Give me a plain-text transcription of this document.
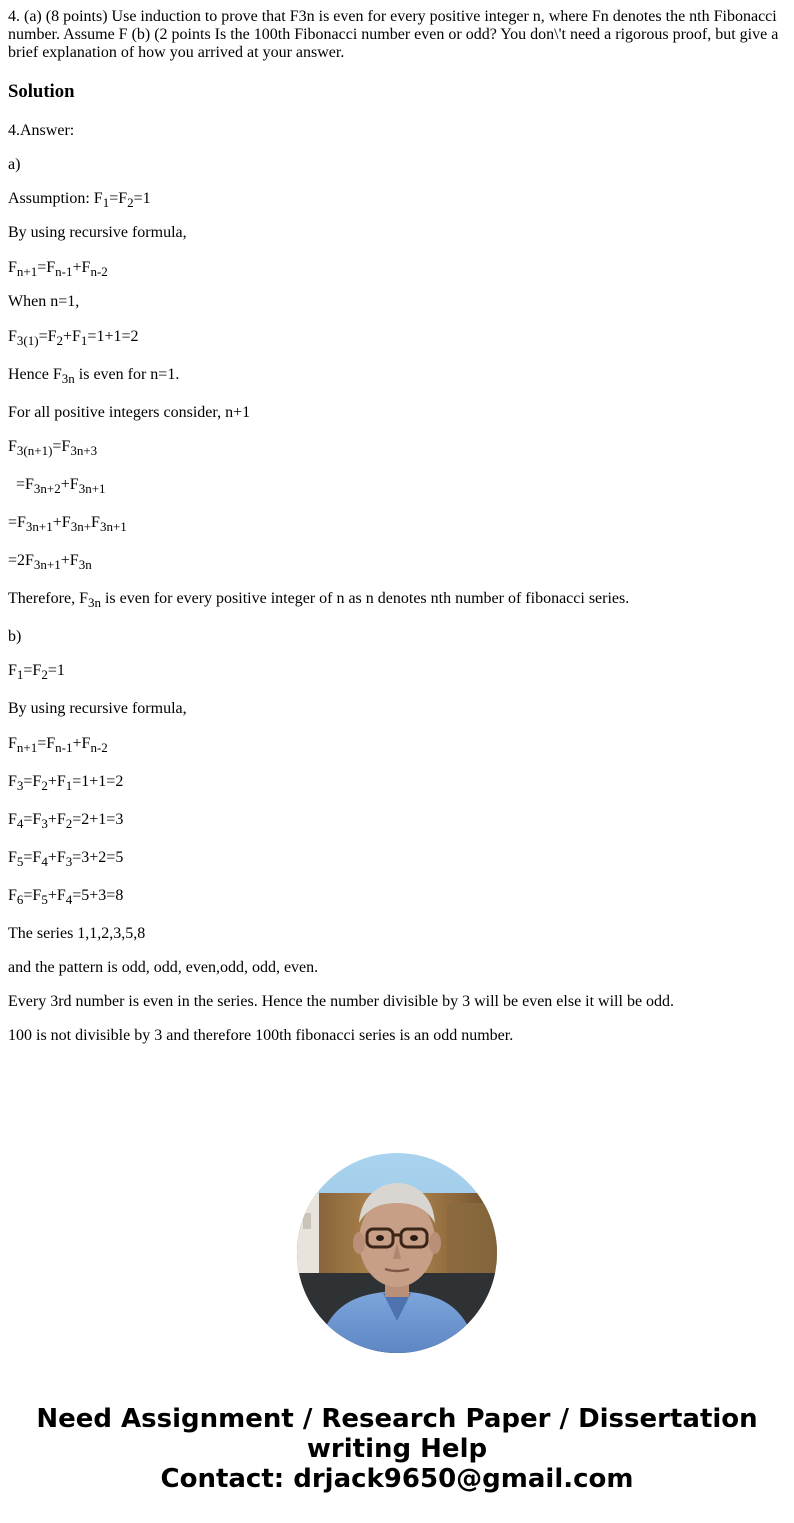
4. (a) (8 points) Use induction to prove that F3n is even for every positive integer n, where Fn denotes the nth Fibonacci number. Assume F (b) (2 points Is the 100th Fibonacci number even or odd? You don\'t need a rigorous proof, but give a brief explanation of how you arrived at your answer.

Solution

4.Answer:

a)

Assumption: $F_1=F_2=1$

By using recursive formula,

$F_{n+1}=F_{n-1}+F_{n-2}$

When n=1,

$F_{3(1)}=F_2+F_1=1+1=2$

Hence $F_{3n}$ is even for n=1.

For all positive integers consider, n+1

$F_{3(n+1)}=F_{3n+3}$

$=F_{3n+2}+F_{3n+1}$

$=F_{3n+1}+F_{3n+}F_{3n+1}$

$=2F_{3n+1}+F_{3n}$

Therefore, $F_{3n}$ is even for every positive integer of n as n denotes nth number of fibonacci series.

b)

$F_1=F_2=1$

By using recursive formula,

$F_{n+1}=F_{n-1}+F_{n-2}$

$F_3=F_2+F_1=1+1=2$

$F_4=F_3+F_2=2+1=3$

$F_5=F_4+F_3=3+2=5$

$F_6=F_5+F_4=5+3=8$

The series 1,1,2,3,5,8

and the pattern is odd, odd, even,odd, odd, even.

Every 3rd number is even in the series. Hence the number divisible by 3 will be even else it will be odd.

100 is not divisible by 3 and therefore 100th fibonacci series is an odd number.

Need Assignment / Research Paper / Dissertation
writing Help
Contact: drjack9650@gmail.com
